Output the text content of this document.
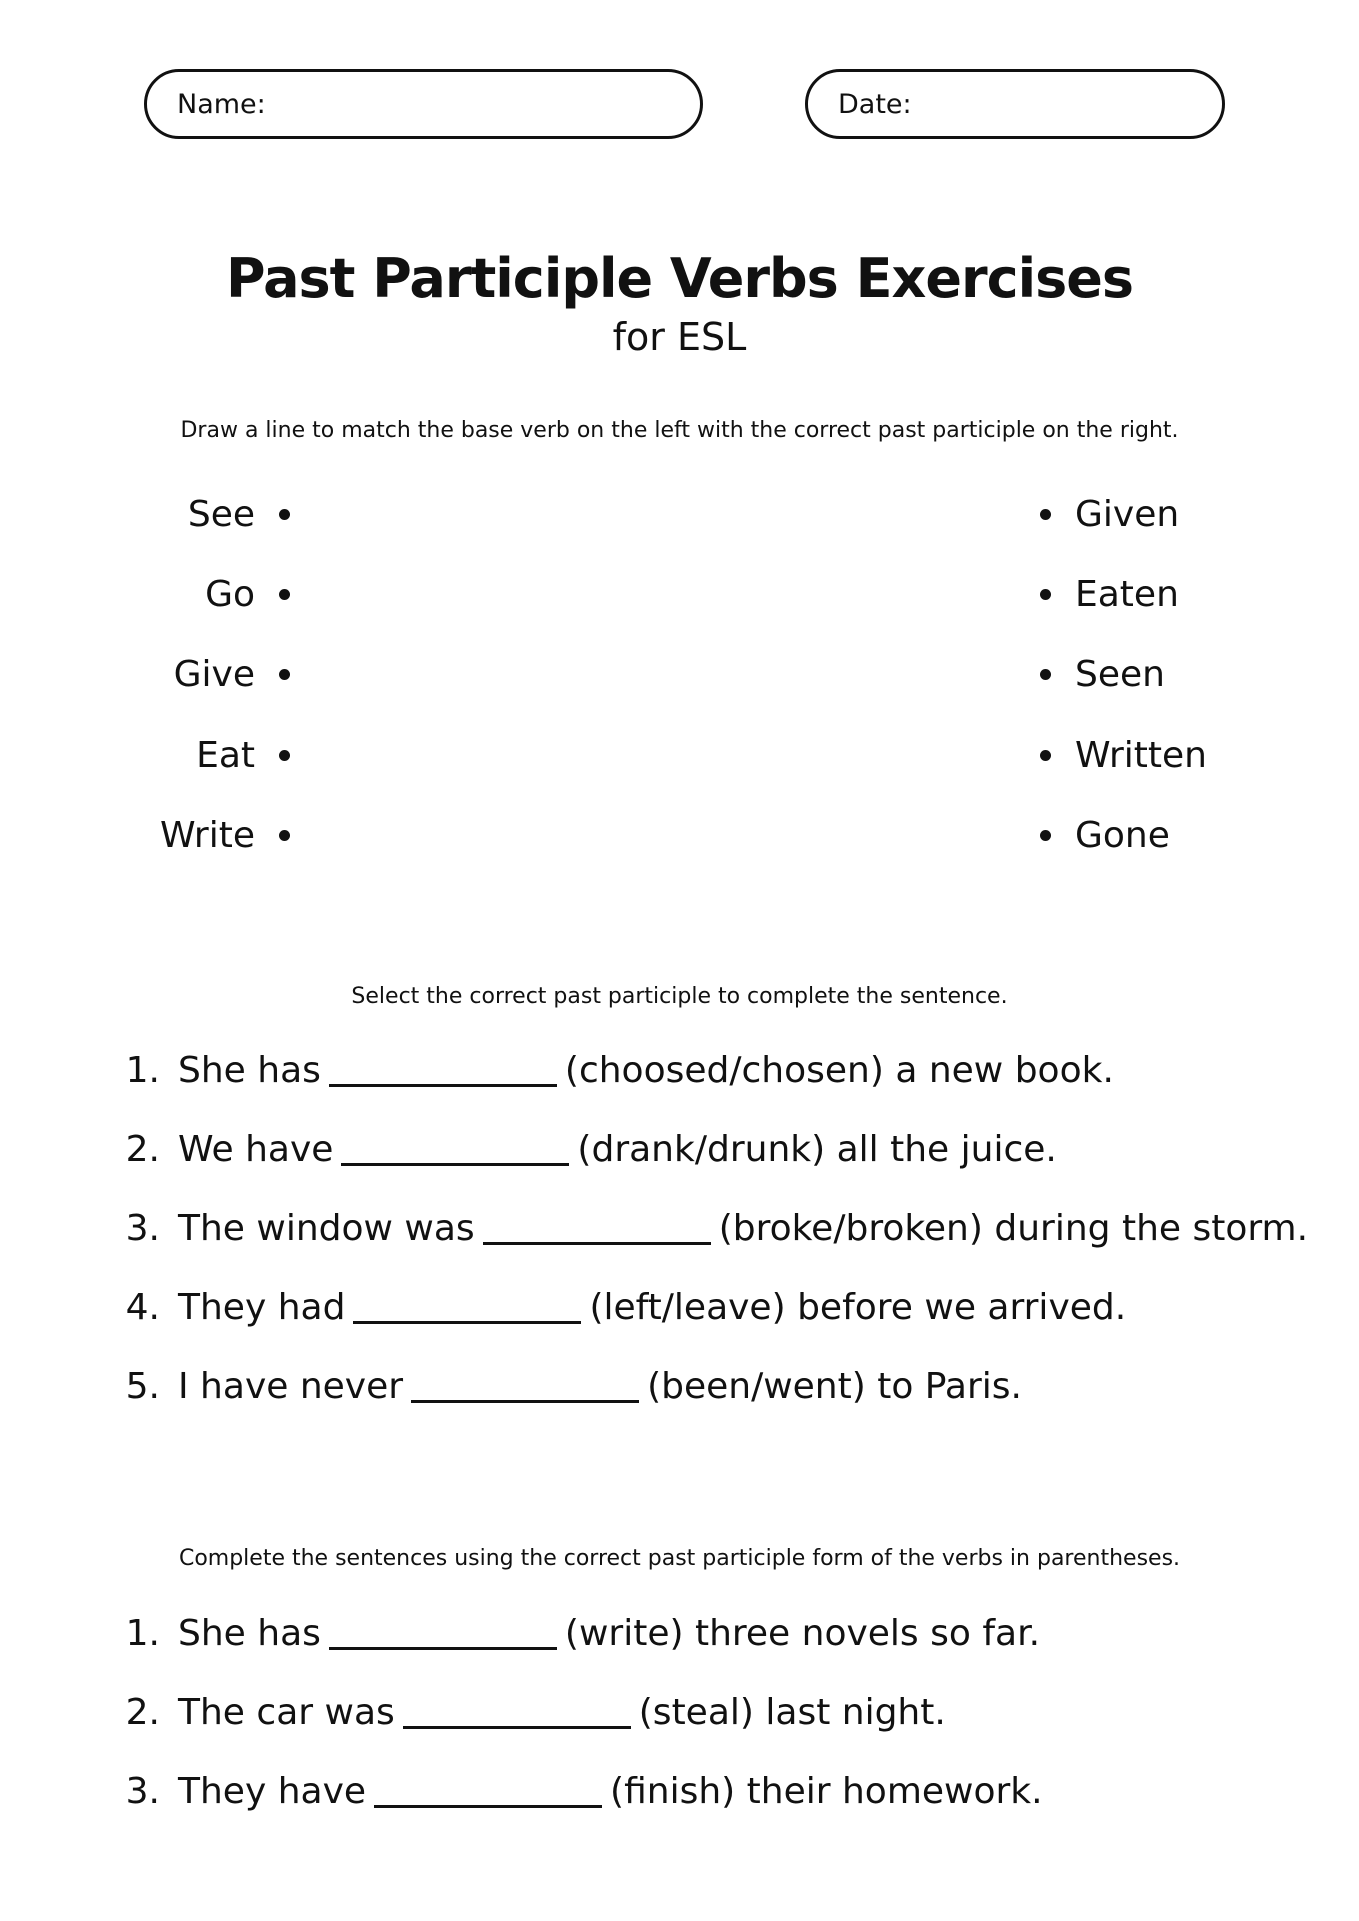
Name:	Date:
Past Participle Verbs Exercises
for ESL
Draw a line to match the base verb on the left with the correct past participle on the right.
See
Go
Give
Eat
Write
Given
Eaten
Seen
Written
Gone
Select the correct past participle to complete the sentence.
1. She has	(choosed/chosen) a new book.
2. We have	(drank/drunk) all the juice.
3. The window was	(broke/broken) during the storm.
4. They had	(left/leave) before we arrived.
5. I have never	(been/went) to Paris.
Complete the sentences using the correct past participle form of the verbs in parentheses.
1. She has	(write) three novels so far.
2. The car was	(steal) last night.
3. They have	(finish) their homework.
